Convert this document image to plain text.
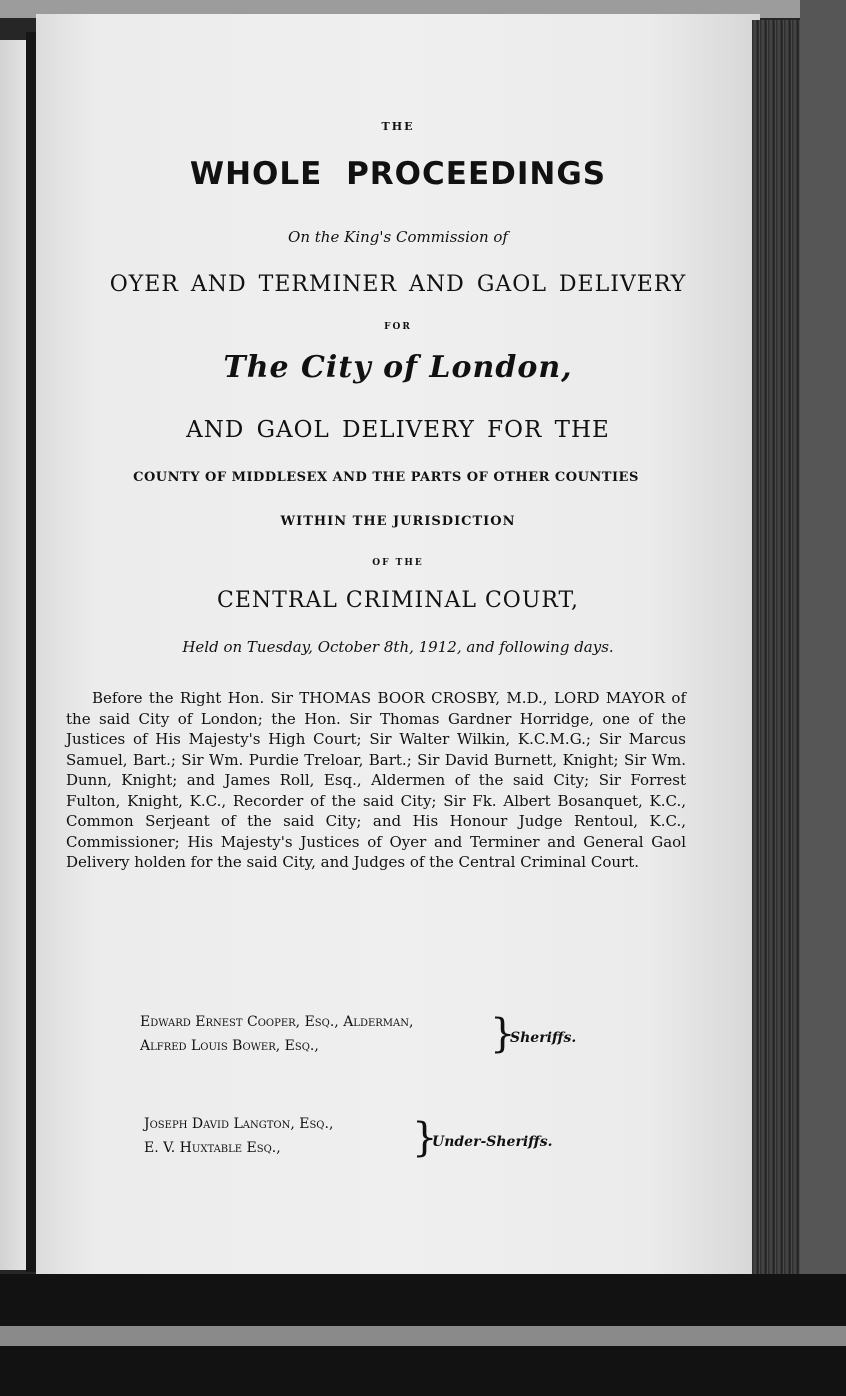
THE
WHOLE PROCEEDINGS
On the King's Commission of
OYER AND TERMINER AND GAOL DELIVERY
FOR
The City of London,
AND GAOL DELIVERY FOR THE
COUNTY OF MIDDLESEX AND THE PARTS OF OTHER COUNTIES
WITHIN THE JURISDICTION
OF THE
CENTRAL CRIMINAL COURT,
Held on Tuesday, October 8th, 1912, and following days.

Before the Right Hon. Sir THOMAS BOOR CROSBY, M.D., LORD MAYOR of the said City of London; the Hon. Sir Thomas Gardner Horridge, one of the Justices of His Majesty's High Court; Sir Walter Wilkin, K.C.M.G.; Sir Marcus Samuel, Bart.; Sir Wm. Purdie Treloar, Bart.; Sir David Burnett, Knight; Sir Wm. Dunn, Knight; and James Roll, Esq., Aldermen of the said City; Sir Forrest Fulton, Knight, K.C., Recorder of the said City; Sir Fk. Albert Bosanquet, K.C., Common Serjeant of the said City; and His Honour Judge Rentoul, K.C., Commissioner; His Majesty's Justices of Oyer and Terminer and General Gaol Delivery holden for the said City, and Judges of the Central Criminal Court.

Edward Ernest Cooper, Esq., Alderman,
Alfred Louis Bower, Esq.,	}
Sheriffs.
Joseph David Langton, Esq.,
E. V. Huxtable Esq.,	}
Under-Sheriffs.
